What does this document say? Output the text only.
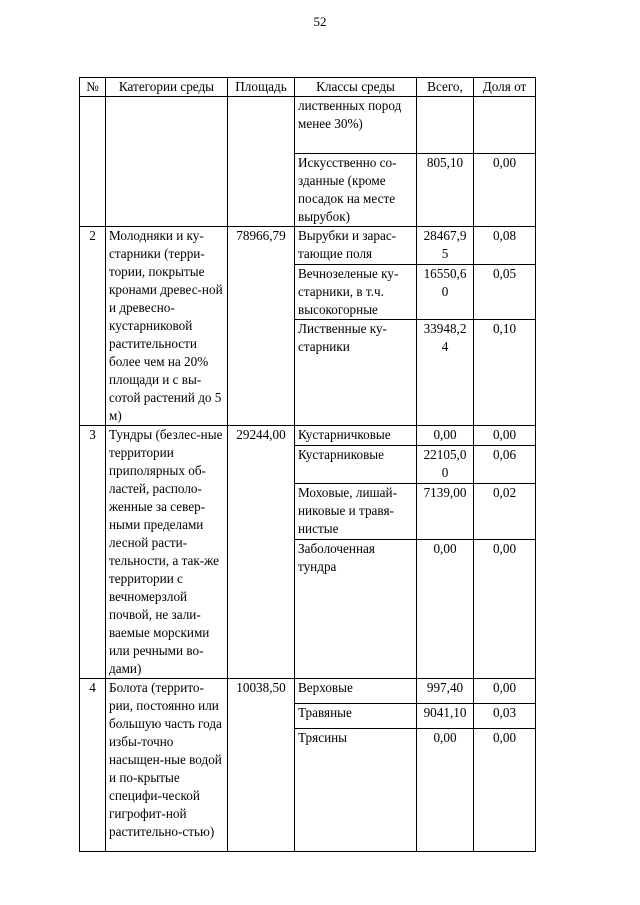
52
№	Категории среды	Площадь	Классы среды	Всего,	Доля от
			лиственных пород менее 30%)		
			Искусственно со-зданные (кроме посадок на месте вырубок)	805,10	0,00
2	Молодняки и ку-старники (терри-тории, покрытые кронами древес-ной и древесно-кустарниковой растительности более чем на 20% площади и с вы-сотой растений до 5 м)	78966,79	Вырубки и зарас-тающие поля	28467,9 5	0,08
			Вечнозеленые ку-старники, в т.ч. высокогорные	16550,6 0	0,05
			Лиственные ку-старники	33948,2 4	0,10
3	Тундры (безлес-ные территории приполярных об-ластей, располо-женные за север-ными пределами лесной расти-тельности, а так-же территории с вечномерзлой почвой, не зали-ваемые морскими или речными во-дами)	29244,00	Кустарничковые	0,00	0,00
			Кустарниковые	22105,0 0	0,06
			Моховые, лишай-никовые и травя-нистые	7139,00	0,02
			Заболоченная тундра	0,00	0,00
4	Болота (террито-рии, постоянно или большую часть года избы-точно насыщен-ные водой и по-крытые специфи-ческой гигрофит-ной растительно-стью)	10038,50	Верховые	997,40	0,00
			Травяные	9041,10	0,03
			Трясины	0,00	0,00
